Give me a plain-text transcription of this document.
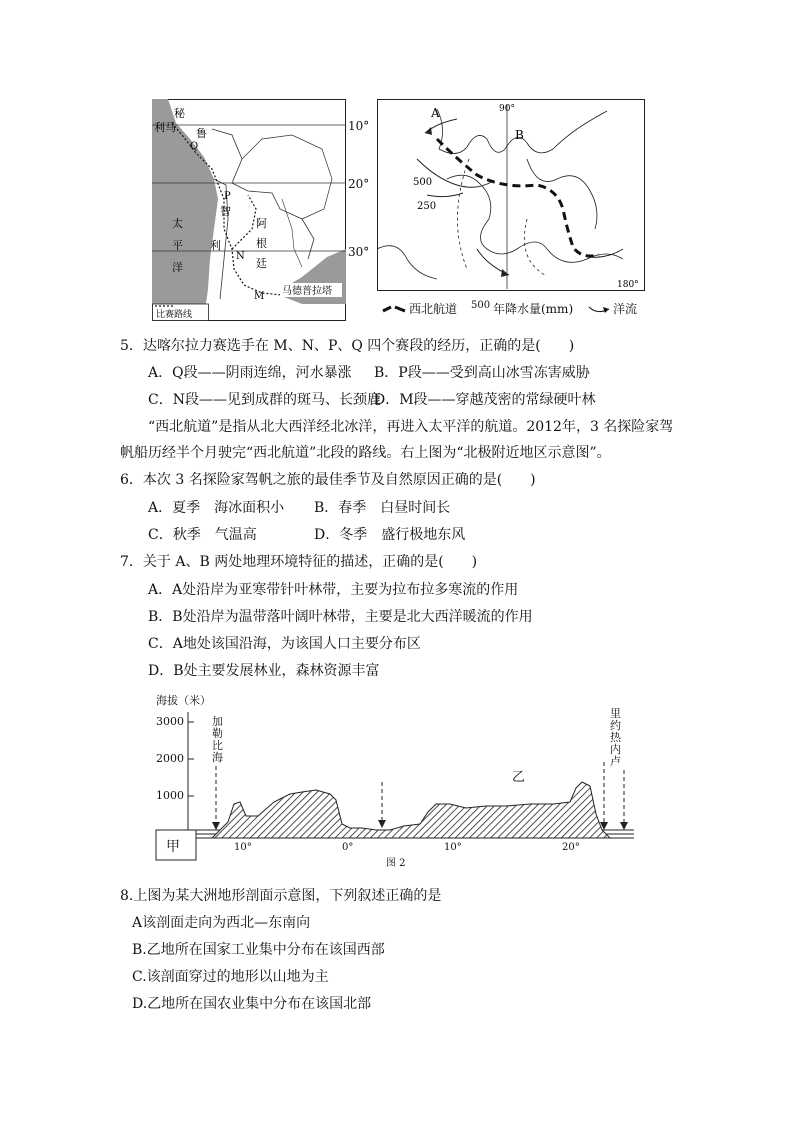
秘
利马 鲁
Q
P
智
利
N
M
阿
根
廷
太
平
洋
马德普拉塔
比赛路线
10°
20°
30°
A
B
90°
500
250
180°
西北航道 500 年降水量(mm)	洋流
5．达喀尔拉力赛选手在 M、N、P、Q 四个赛段的经历，正确的是(　　)
A．Q段——阴雨连绵，河水暴涨 B．P段——受到高山冰雪冻害威胁
C．N段——见到成群的斑马、长颈鹿
D．M段——穿越茂密的常绿硬叶林
“西北航道”是指从北大西洋经北冰洋，再进入太平洋的航道。2012年，3 名探险家驾
帆船历经半个月驶完“西北航道”北段的路线。右上图为“北极附近地区示意图”。
6．本次 3 名探险家驾帆之旅的最佳季节及自然原因正确的是(　　)
A．夏季　海冰面积小 B．春季　白昼时间长
C．秋季　气温高	D．冬季　盛行极地东风
7．关于 A、B 两处地理环境特征的描述，正确的是(　　)
A．A处沿岸为亚寒带针叶林带，主要为拉布拉多寒流的作用
B．B处沿岸为温带落叶阔叶林带，主要是北大西洋暖流的作用
C．A地处该国沿海，为该国人口主要分布区
D．B处主要发展林业，森林资源丰富
海拔（米）
3000
2000
1000
加勒比海
里约热内卢
乙
甲	10°	0°	10°	20°
图 2
8.上图为某大洲地形剖面示意图，下列叙述正确的是
A该剖面走向为西北—东南向
B.乙地所在国家工业集中分布在该国西部
C.该剖面穿过的地形以山地为主
D.乙地所在国农业集中分布在该国北部
